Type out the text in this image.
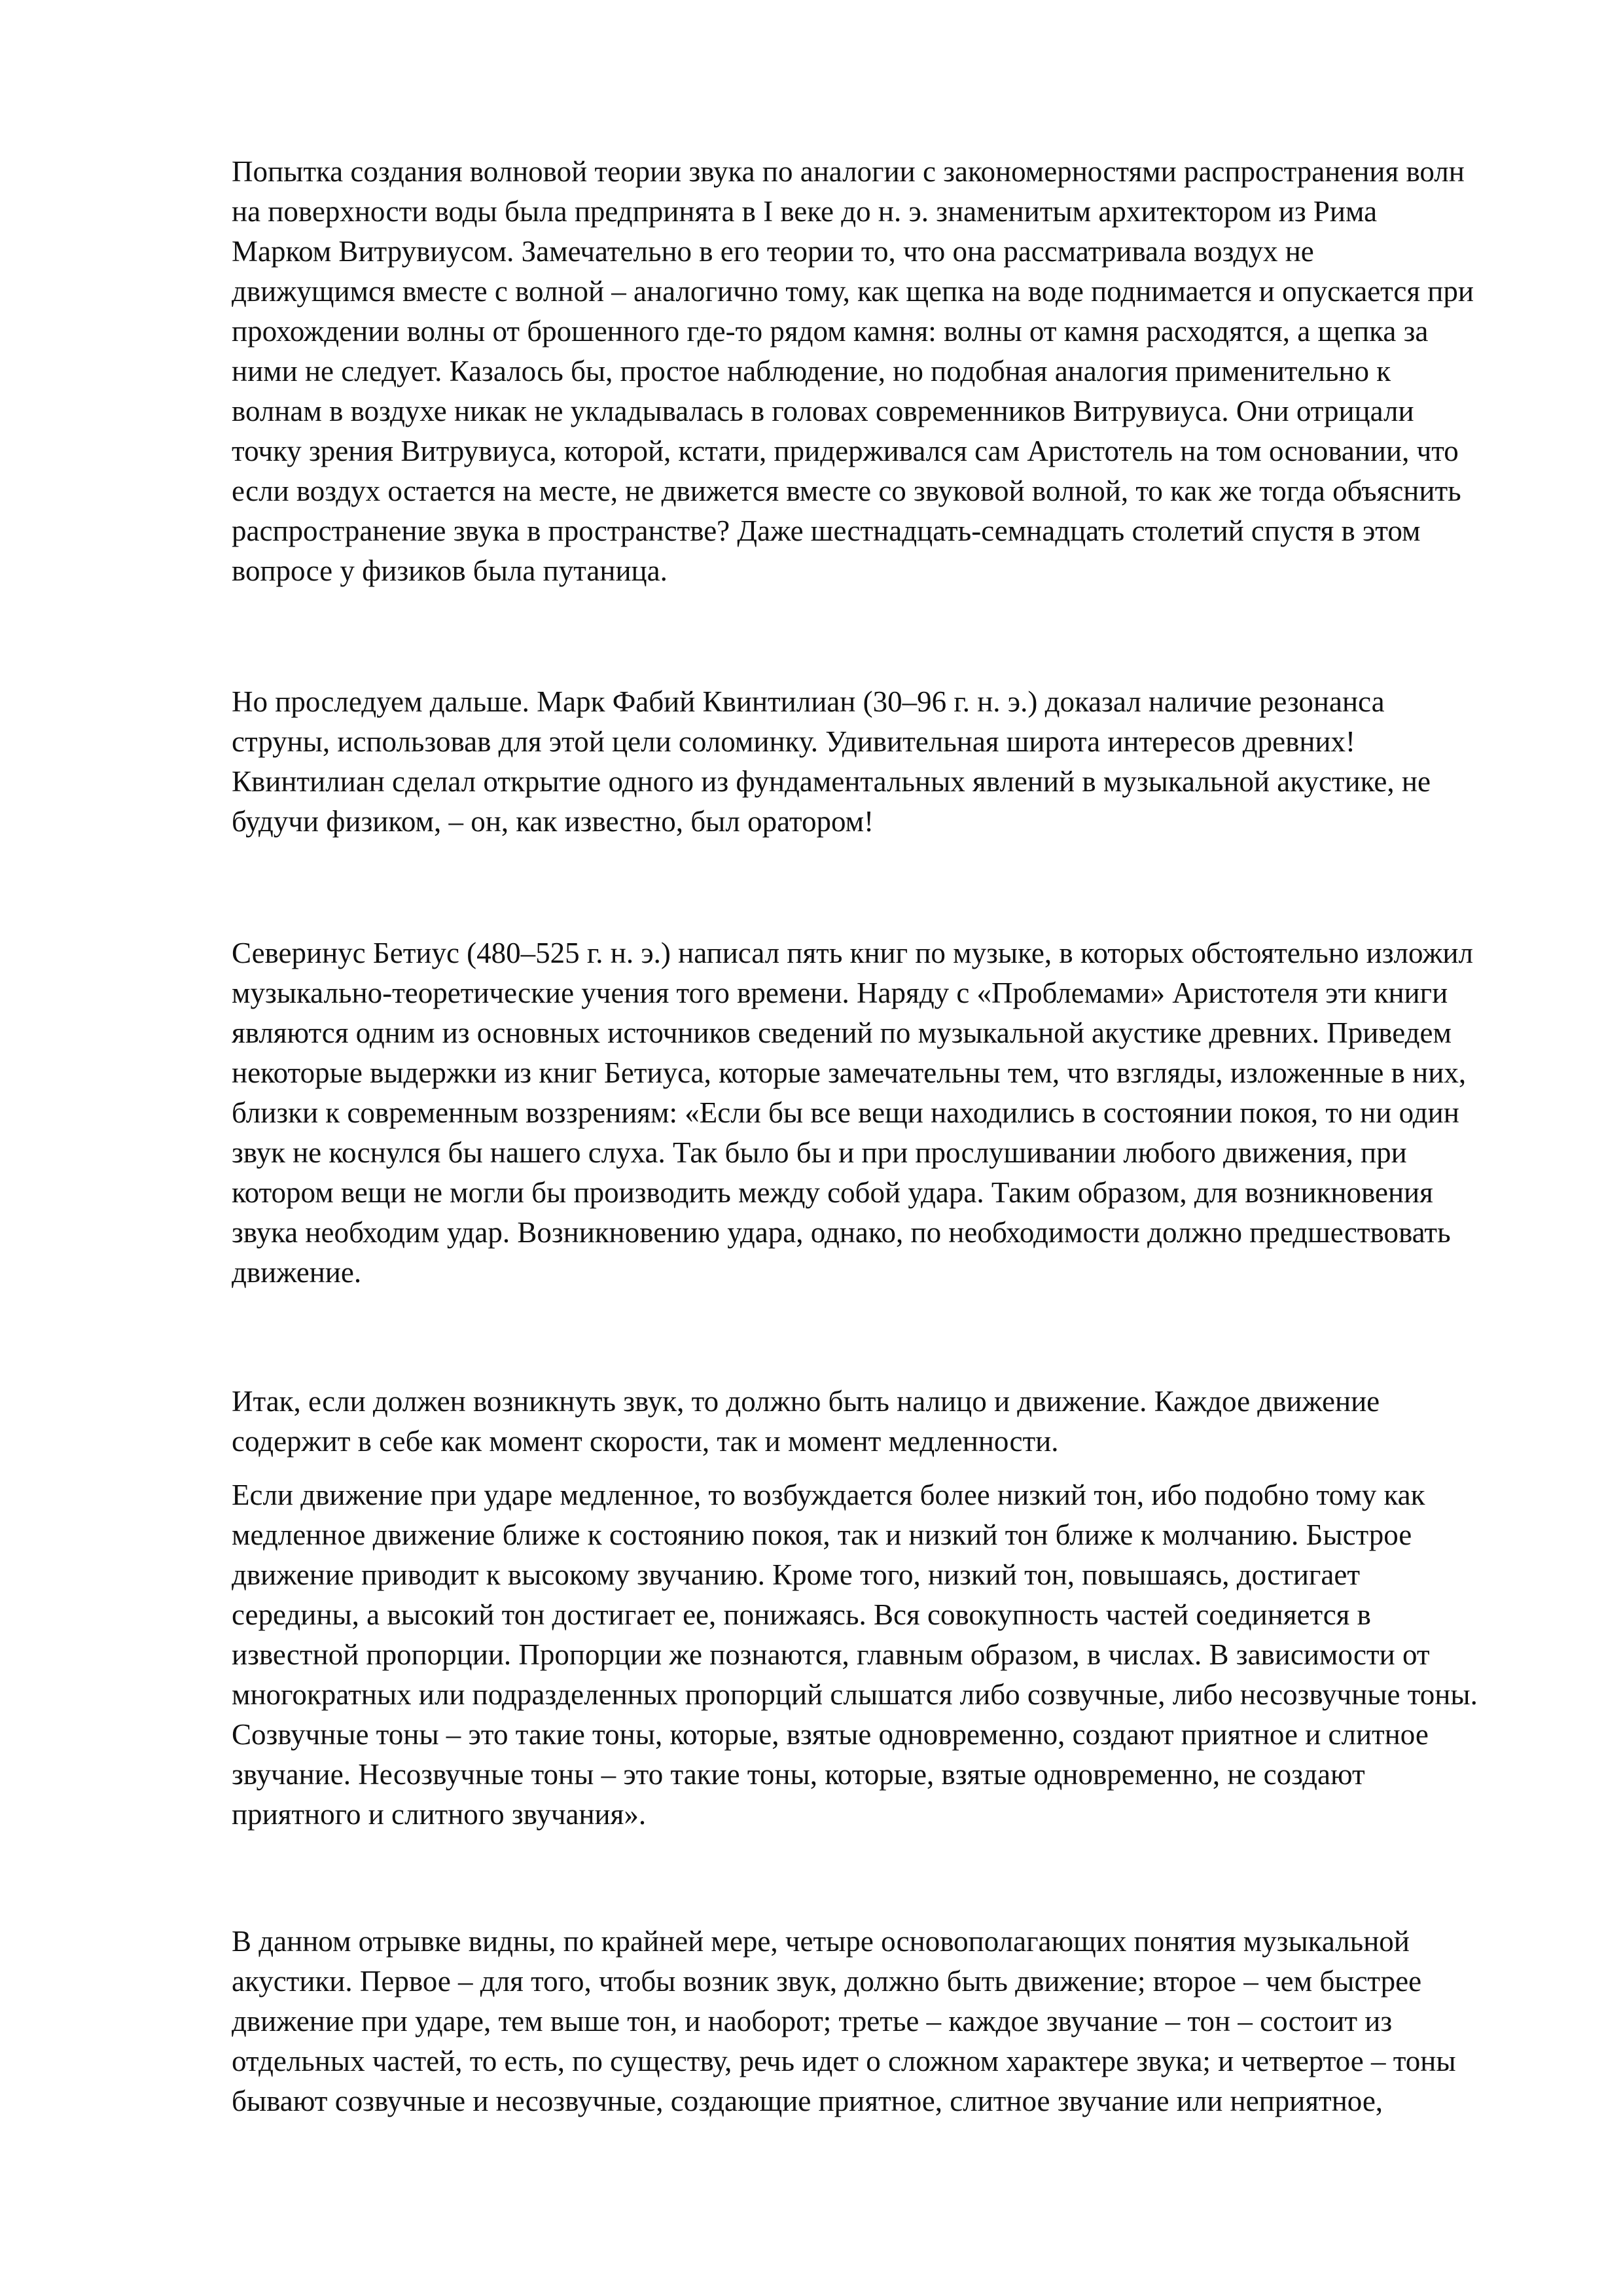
Попытка создания волновой теории звука по аналогии с закономерностями распространения волн
на поверхности воды была предпринята в I веке до н. э. знаменитым архитектором из Рима
Марком Витрувиусом. Замечательно в его теории то, что она рассматривала воздух не
движущимся вместе с волной – аналогично тому, как щепка на воде поднимается и опускается при
прохождении волны от брошенного где-то рядом камня: волны от камня расходятся, а щепка за
ними не следует. Казалось бы, простое наблюдение, но подобная аналогия применительно к
волнам в воздухе никак не укладывалась в головах современников Витрувиуса. Они отрицали
точку зрения Витрувиуса, которой, кстати, придерживался сам Аристотель на том основании, что
если воздух остается на месте, не движется вместе со звуковой волной, то как же тогда объяснить
распространение звука в пространстве? Даже шестнадцать-семнадцать столетий спустя в этом
вопросе у физиков была путаница.

Но проследуем дальше. Марк Фабий Квинтилиан (30–96 г. н. э.) доказал наличие резонанса
струны, использовав для этой цели соломинку. Удивительная широта интересов древних!
Квинтилиан сделал открытие одного из фундаментальных явлений в музыкальной акустике, не
будучи физиком, – он, как известно, был оратором!

Северинус Бетиус (480–525 г. н. э.) написал пять книг по музыке, в которых обстоятельно изложил
музыкально-теоретические учения того времени. Наряду с «Проблемами» Аристотеля эти книги
являются одним из основных источников сведений по музыкальной акустике древних. Приведем
некоторые выдержки из книг Бетиуса, которые замечательны тем, что взгляды, изложенные в них,
близки к современным воззрениям: «Если бы все вещи находились в состоянии покоя, то ни один
звук не коснулся бы нашего слуха. Так было бы и при прослушивании любого движения, при
котором вещи не могли бы производить между собой удара. Таким образом, для возникновения
звука необходим удар. Возникновению удара, однако, по необходимости должно предшествовать
движение.

Итак, если должен возникнуть звук, то должно быть налицо и движение. Каждое движение
содержит в себе как момент скорости, так и момент медленности.

Если движение при ударе медленное, то возбуждается более низкий тон, ибо подобно тому как
медленное движение ближе к состоянию покоя, так и низкий тон ближе к молчанию. Быстрое
движение приводит к высокому звучанию. Кроме того, низкий тон, повышаясь, достигает
середины, а высокий тон достигает ее, понижаясь. Вся совокупность частей соединяется в
известной пропорции. Пропорции же познаются, главным образом, в числах. В зависимости от
многократных или подразделенных пропорций слышатся либо созвучные, либо несозвучные тоны.
Созвучные тоны – это такие тоны, которые, взятые одновременно, создают приятное и слитное
звучание. Несозвучные тоны – это такие тоны, которые, взятые одновременно, не создают
приятного и слитного звучания».

В данном отрывке видны, по крайней мере, четыре основополагающих понятия музыкальной
акустики. Первое – для того, чтобы возник звук, должно быть движение; второе – чем быстрее
движение при ударе, тем выше тон, и наоборот; третье – каждое звучание – тон – состоит из
отдельных частей, то есть, по существу, речь идет о сложном характере звука; и четвертое – тоны
бывают созвучные и несозвучные, создающие приятное, слитное звучание или неприятное,
